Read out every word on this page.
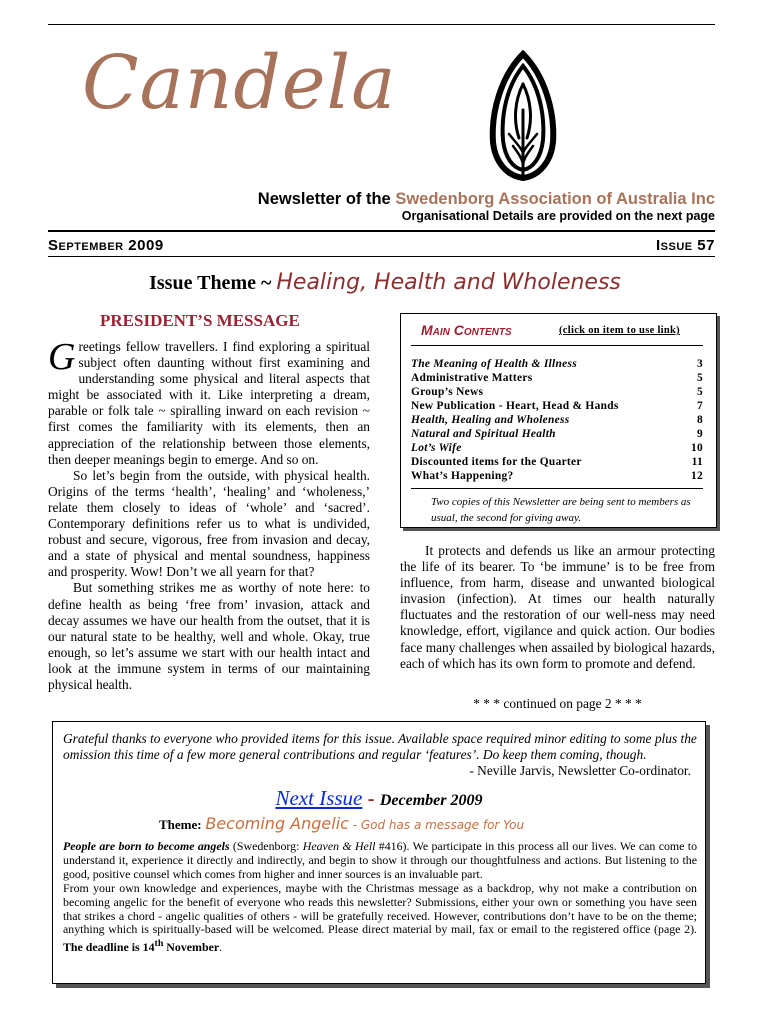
Candela
Newsletter of the Swedenborg Association of Australia Inc
Organisational Details are provided on the next page
September 2009	Issue 57
Issue Theme ~ Healing, Health and Wholeness
PRESIDENT’S MESSAGE

Greetings fellow travellers. I find exploring a spiritual subject often daunting without first examining and understanding some physical and literal aspects that might be associated with it. Like interpreting a dream, parable or folk tale ~ spiralling inward on each revision ~ first comes the familiarity with its elements, then an appreciation of the relationship between those elements, then deeper meanings begin to emerge. And so on.

So let’s begin from the outside, with physical health. Origins of the terms ‘health’, ‘healing’ and ‘wholeness,’ relate them closely to ideas of ‘whole’ and ‘sacred’. Contemporary definitions refer us to what is undivided, robust and secure, vigorous, free from invasion and decay, and a state of physical and mental soundness, happiness and prosperity. Wow! Don’t we all yearn for that?

But something strikes me as worthy of note here: to define health as being ‘free from’ invasion, attack and decay assumes we have our health from the outset, that it is our natural state to be healthy, well and whole. Okay, true enough, so let’s assume we start with our health intact and look at the immune system in terms of our maintaining physical health.

Main Contents	(click on item to use link)
The Meaning of Health & Illness	3
Administrative Matters	5
Group’s News	5
New Publication - Heart, Head & Hands	7
Health, Healing and Wholeness	8
Natural and Spiritual Health	9
Lot’s Wife	10
Discounted items for the Quarter	11
What’s Happening?	12
Two copies of this Newsletter are being sent to members as usual, the second for giving away.

It protects and defends us like an armour protecting the life of its bearer. To ‘be immune’ is to be free from influence, from harm, disease and unwanted biological invasion (infection). At times our health naturally fluctuates and the restoration of our well-ness may need knowledge, effort, vigilance and quick action. Our bodies face many challenges when assailed by biological hazards, each of which has its own form to promote and defend.

* * * continued on page 2 * * *
Grateful thanks to everyone who provided items for this issue. Available space required minor editing to some plus the omission this time of a few more general contributions and regular ‘features’. Do keep them coming, though.
- Neville Jarvis, Newsletter Co-ordinator.
Next Issue - December 2009
Theme: Becoming Angelic - God has a message for You

People are born to become angels (Swedenborg: Heaven & Hell #416). We participate in this process all our lives. We can come to understand it, experience it directly and indirectly, and begin to show it through our thoughtfulness and actions. But listening to the good, positive counsel which comes from higher and inner sources is an invaluable part.

From your own knowledge and experiences, maybe with the Christmas message as a backdrop, why not make a contribution on becoming angelic for the benefit of everyone who reads this newsletter? Submissions, either your own or something you have seen that strikes a chord - angelic qualities of others - will be gratefully received. However, contributions don’t have to be on the theme; anything which is spiritually-based will be welcomed. Please direct material by mail, fax or email to the registered office (page 2). The deadline is 14th November.
